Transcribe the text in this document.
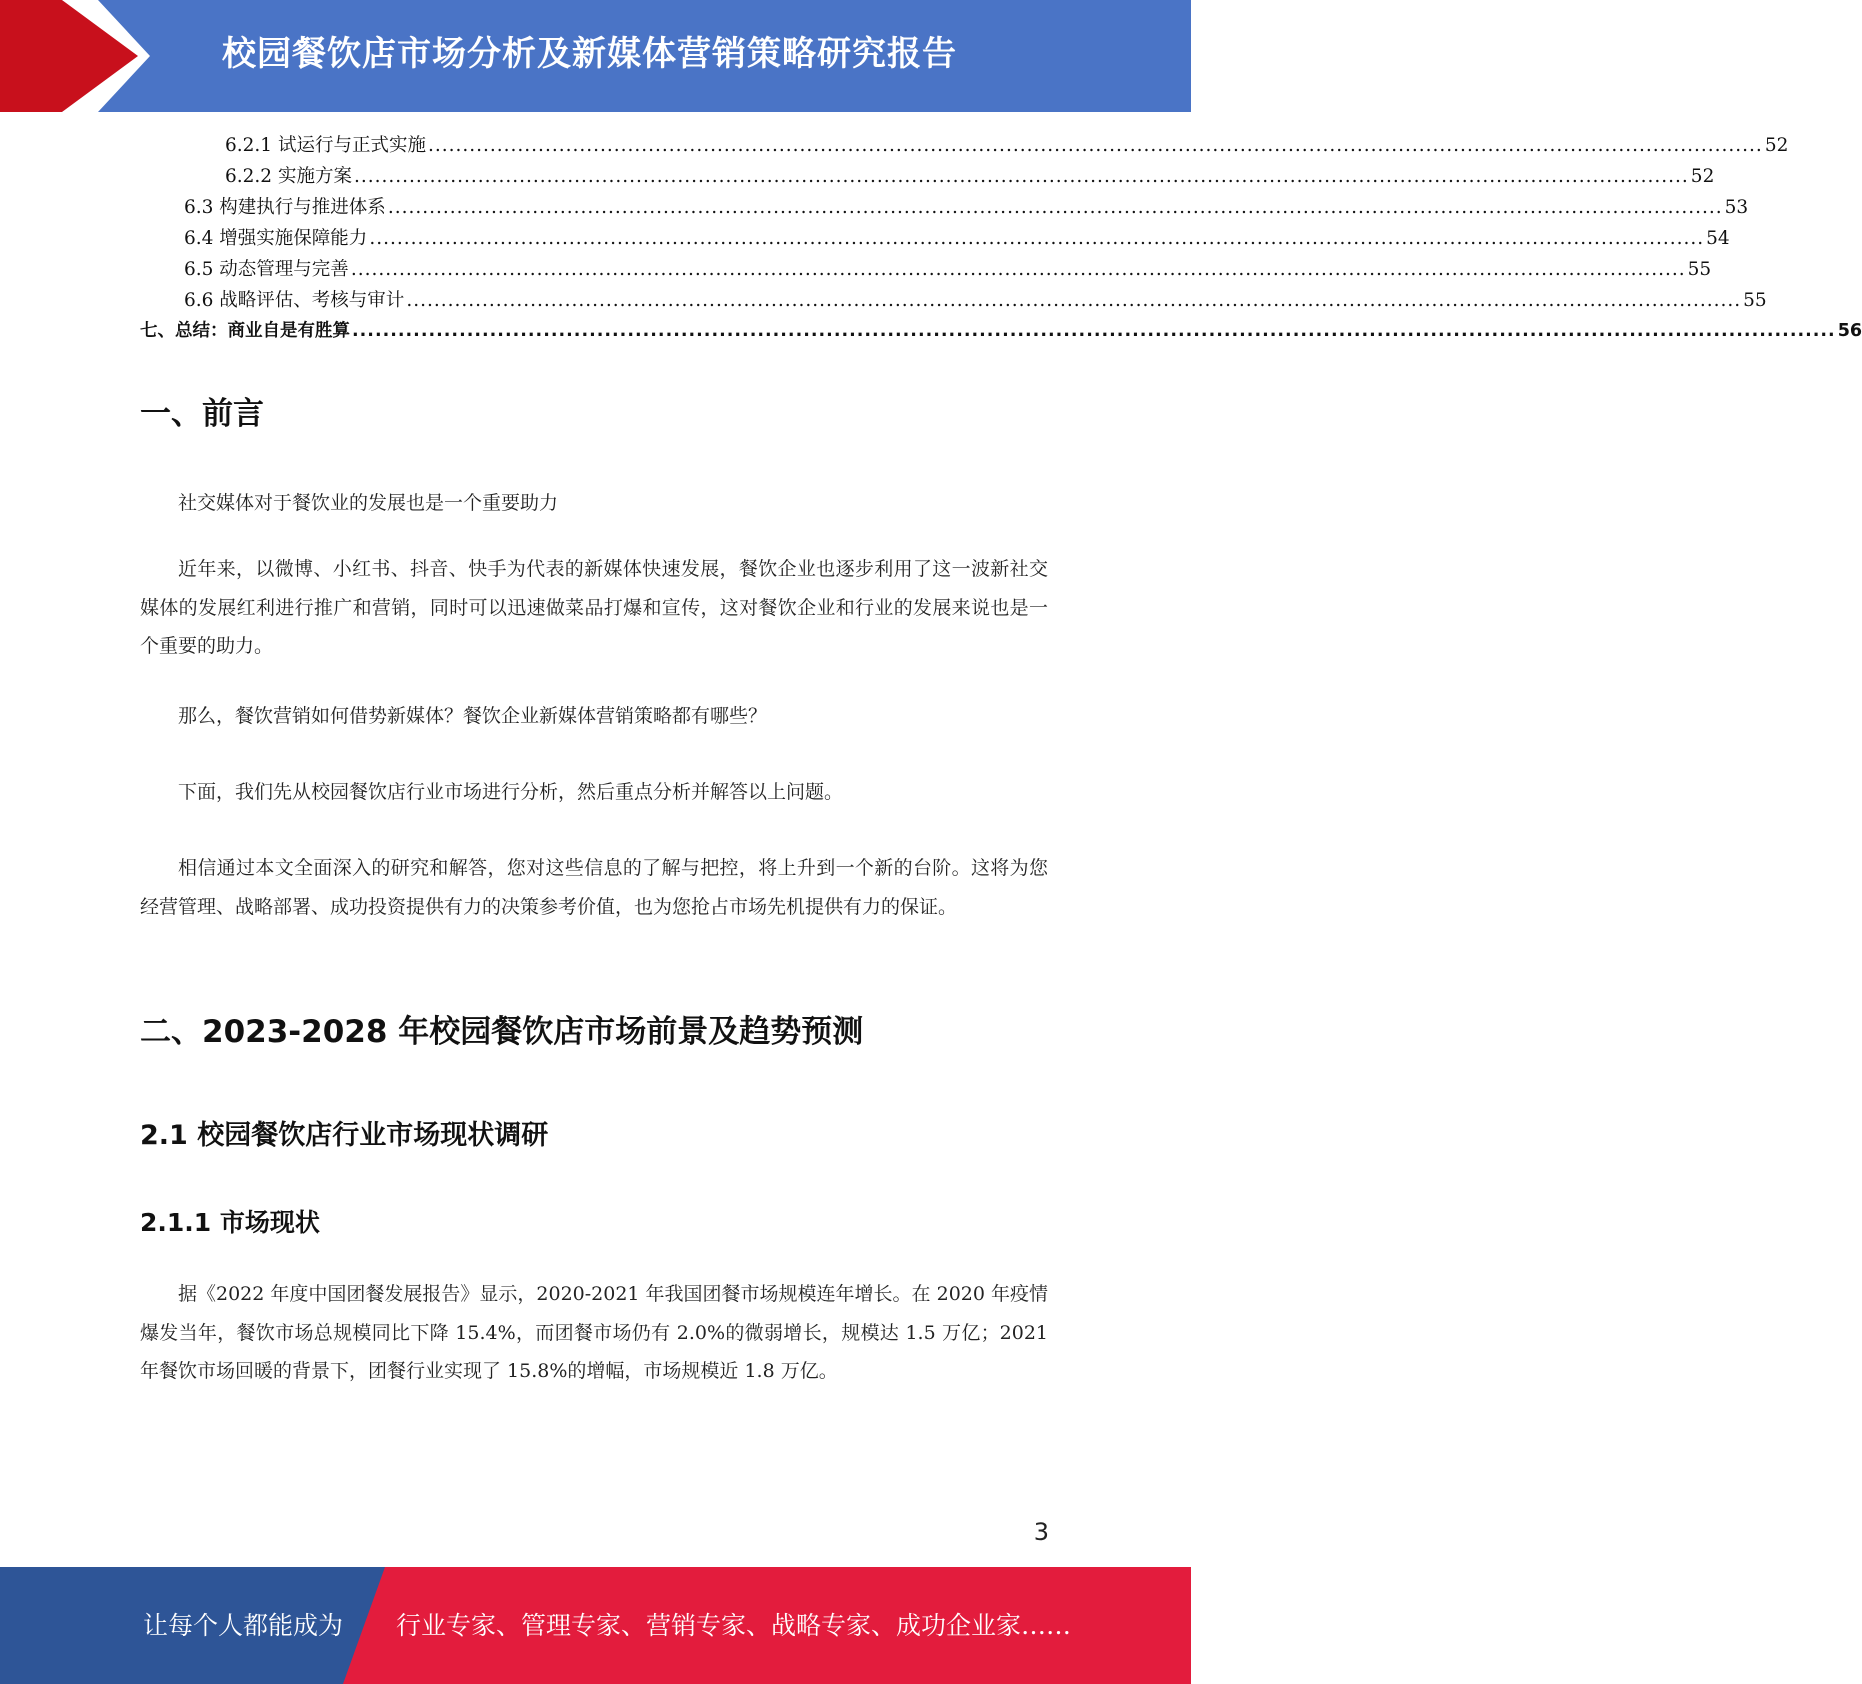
校园餐饮店市场分析及新媒体营销策略研究报告
6.2.1 试运行与正式实施 .................................................................................................................................................................................................. 52
6.2.2 实施方案 .................................................................................................................................................................................................. 52
6.3 构建执行与推进体系 .................................................................................................................................................................................................. 53
6.4 增强实施保障能力 .................................................................................................................................................................................................. 54
6.5 动态管理与完善 .................................................................................................................................................................................................. 55
6.6 战略评估、考核与审计 .................................................................................................................................................................................................. 55
七、总结：商业自是有胜算 .................................................................................................................................................................................................. 56
一、前言
社交媒体对于餐饮业的发展也是一个重要助力
近年来，以微博、小红书、抖音、快手为代表的新媒体快速发展，餐饮企业也逐步利用了这一波新社交媒体的发展红利进行推广和营销，同时可以迅速做菜品打爆和宣传，这对餐饮企业和行业的发展来说也是一个重要的助力。
那么，餐饮营销如何借势新媒体？餐饮企业新媒体营销策略都有哪些？
下面，我们先从校园餐饮店行业市场进行分析，然后重点分析并解答以上问题。
相信通过本文全面深入的研究和解答，您对这些信息的了解与把控，将上升到一个新的台阶。这将为您经营管理、战略部署、成功投资提供有力的决策参考价值，也为您抢占市场先机提供有力的保证。
二、2023-2028 年校园餐饮店市场前景及趋势预测
2.1 校园餐饮店行业市场现状调研
2.1.1 市场现状
据《2022 年度中国团餐发展报告》显示，2020-2021 年我国团餐市场规模连年增长。在 2020 年疫情爆发当年，餐饮市场总规模同比下降 15.4%，而团餐市场仍有 2.0%的微弱增长，规模达 1.5 万亿；2021 年餐饮市场回暖的背景下，团餐行业实现了 15.8%的增幅，市场规模近 1.8 万亿。
3
让每个人都能成为 行业专家、管理专家、营销专家、战略专家、成功企业家……
